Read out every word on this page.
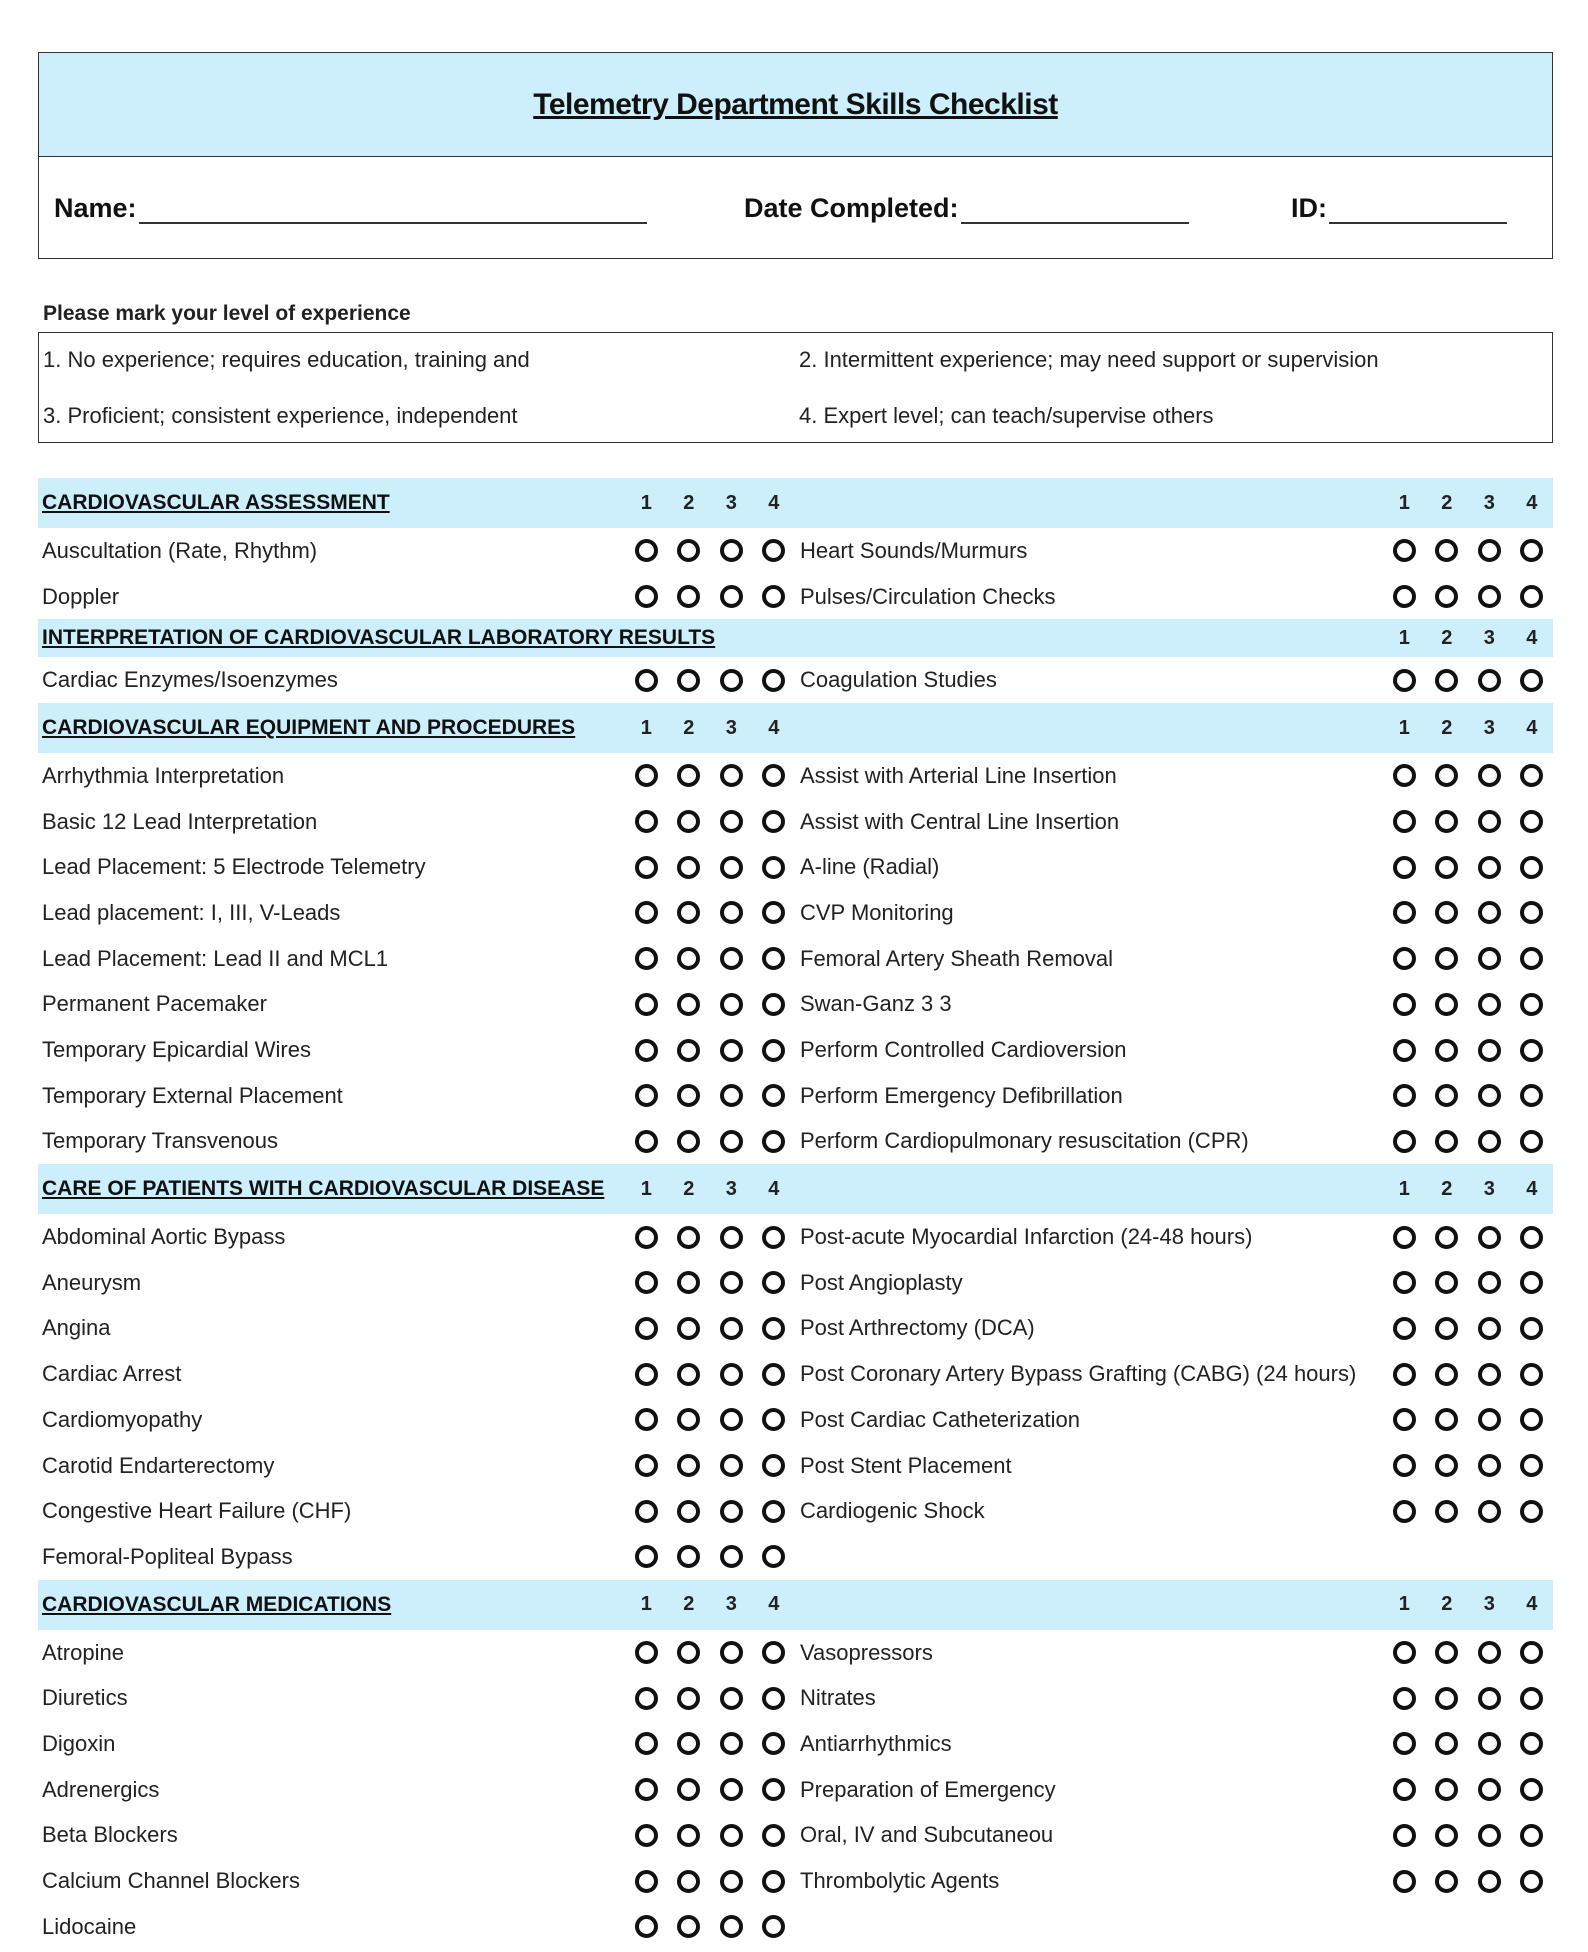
Telemetry Department Skills Checklist
Name:	Date Completed:	ID:
Please mark your level of experience
1. No experience; requires education, training and	2. Intermittent experience; may need support or supervision
3. Proficient; consistent experience, independent	4. Expert level; can teach/supervise others
CARDIOVASCULAR ASSESSMENT	1 2 3 4	1 2 3 4
Auscultation (Rate, Rhythm)	Heart Sounds/Murmurs
Doppler	Pulses/Circulation Checks
INTERPRETATION OF CARDIOVASCULAR LABORATORY RESULTS	1 2 3 4
Cardiac Enzymes/Isoenzymes	Coagulation Studies
CARDIOVASCULAR EQUIPMENT AND PROCEDURES	1 2 3 4	1 2 3 4
Arrhythmia Interpretation	Assist with Arterial Line Insertion
Basic 12 Lead Interpretation	Assist with Central Line Insertion
Lead Placement: 5 Electrode Telemetry	A-line (Radial)
Lead placement: I, III, V-Leads	CVP Monitoring
Lead Placement: Lead II and MCL1	Femoral Artery Sheath Removal
Permanent Pacemaker	Swan-Ganz 3 3
Temporary Epicardial Wires	Perform Controlled Cardioversion
Temporary External Placement	Perform Emergency Defibrillation
Temporary Transvenous	Perform Cardiopulmonary resuscitation (CPR)
CARE OF PATIENTS WITH CARDIOVASCULAR DISEASE	1 2 3 4	1 2 3 4
Abdominal Aortic Bypass	Post-acute Myocardial Infarction (24-48 hours)
Aneurysm	Post Angioplasty
Angina	Post Arthrectomy (DCA)
Cardiac Arrest	Post Coronary Artery Bypass Grafting (CABG) (24 hours)
Cardiomyopathy	Post Cardiac Catheterization
Carotid Endarterectomy	Post Stent Placement
Congestive Heart Failure (CHF)	Cardiogenic Shock
Femoral-Popliteal Bypass
CARDIOVASCULAR MEDICATIONS	1 2 3 4	1 2 3 4
Atropine	Vasopressors
Diuretics	Nitrates
Digoxin	Antiarrhythmics
Adrenergics	Preparation of Emergency
Beta Blockers	Oral, IV and Subcutaneou
Calcium Channel Blockers	Thrombolytic Agents
Lidocaine
